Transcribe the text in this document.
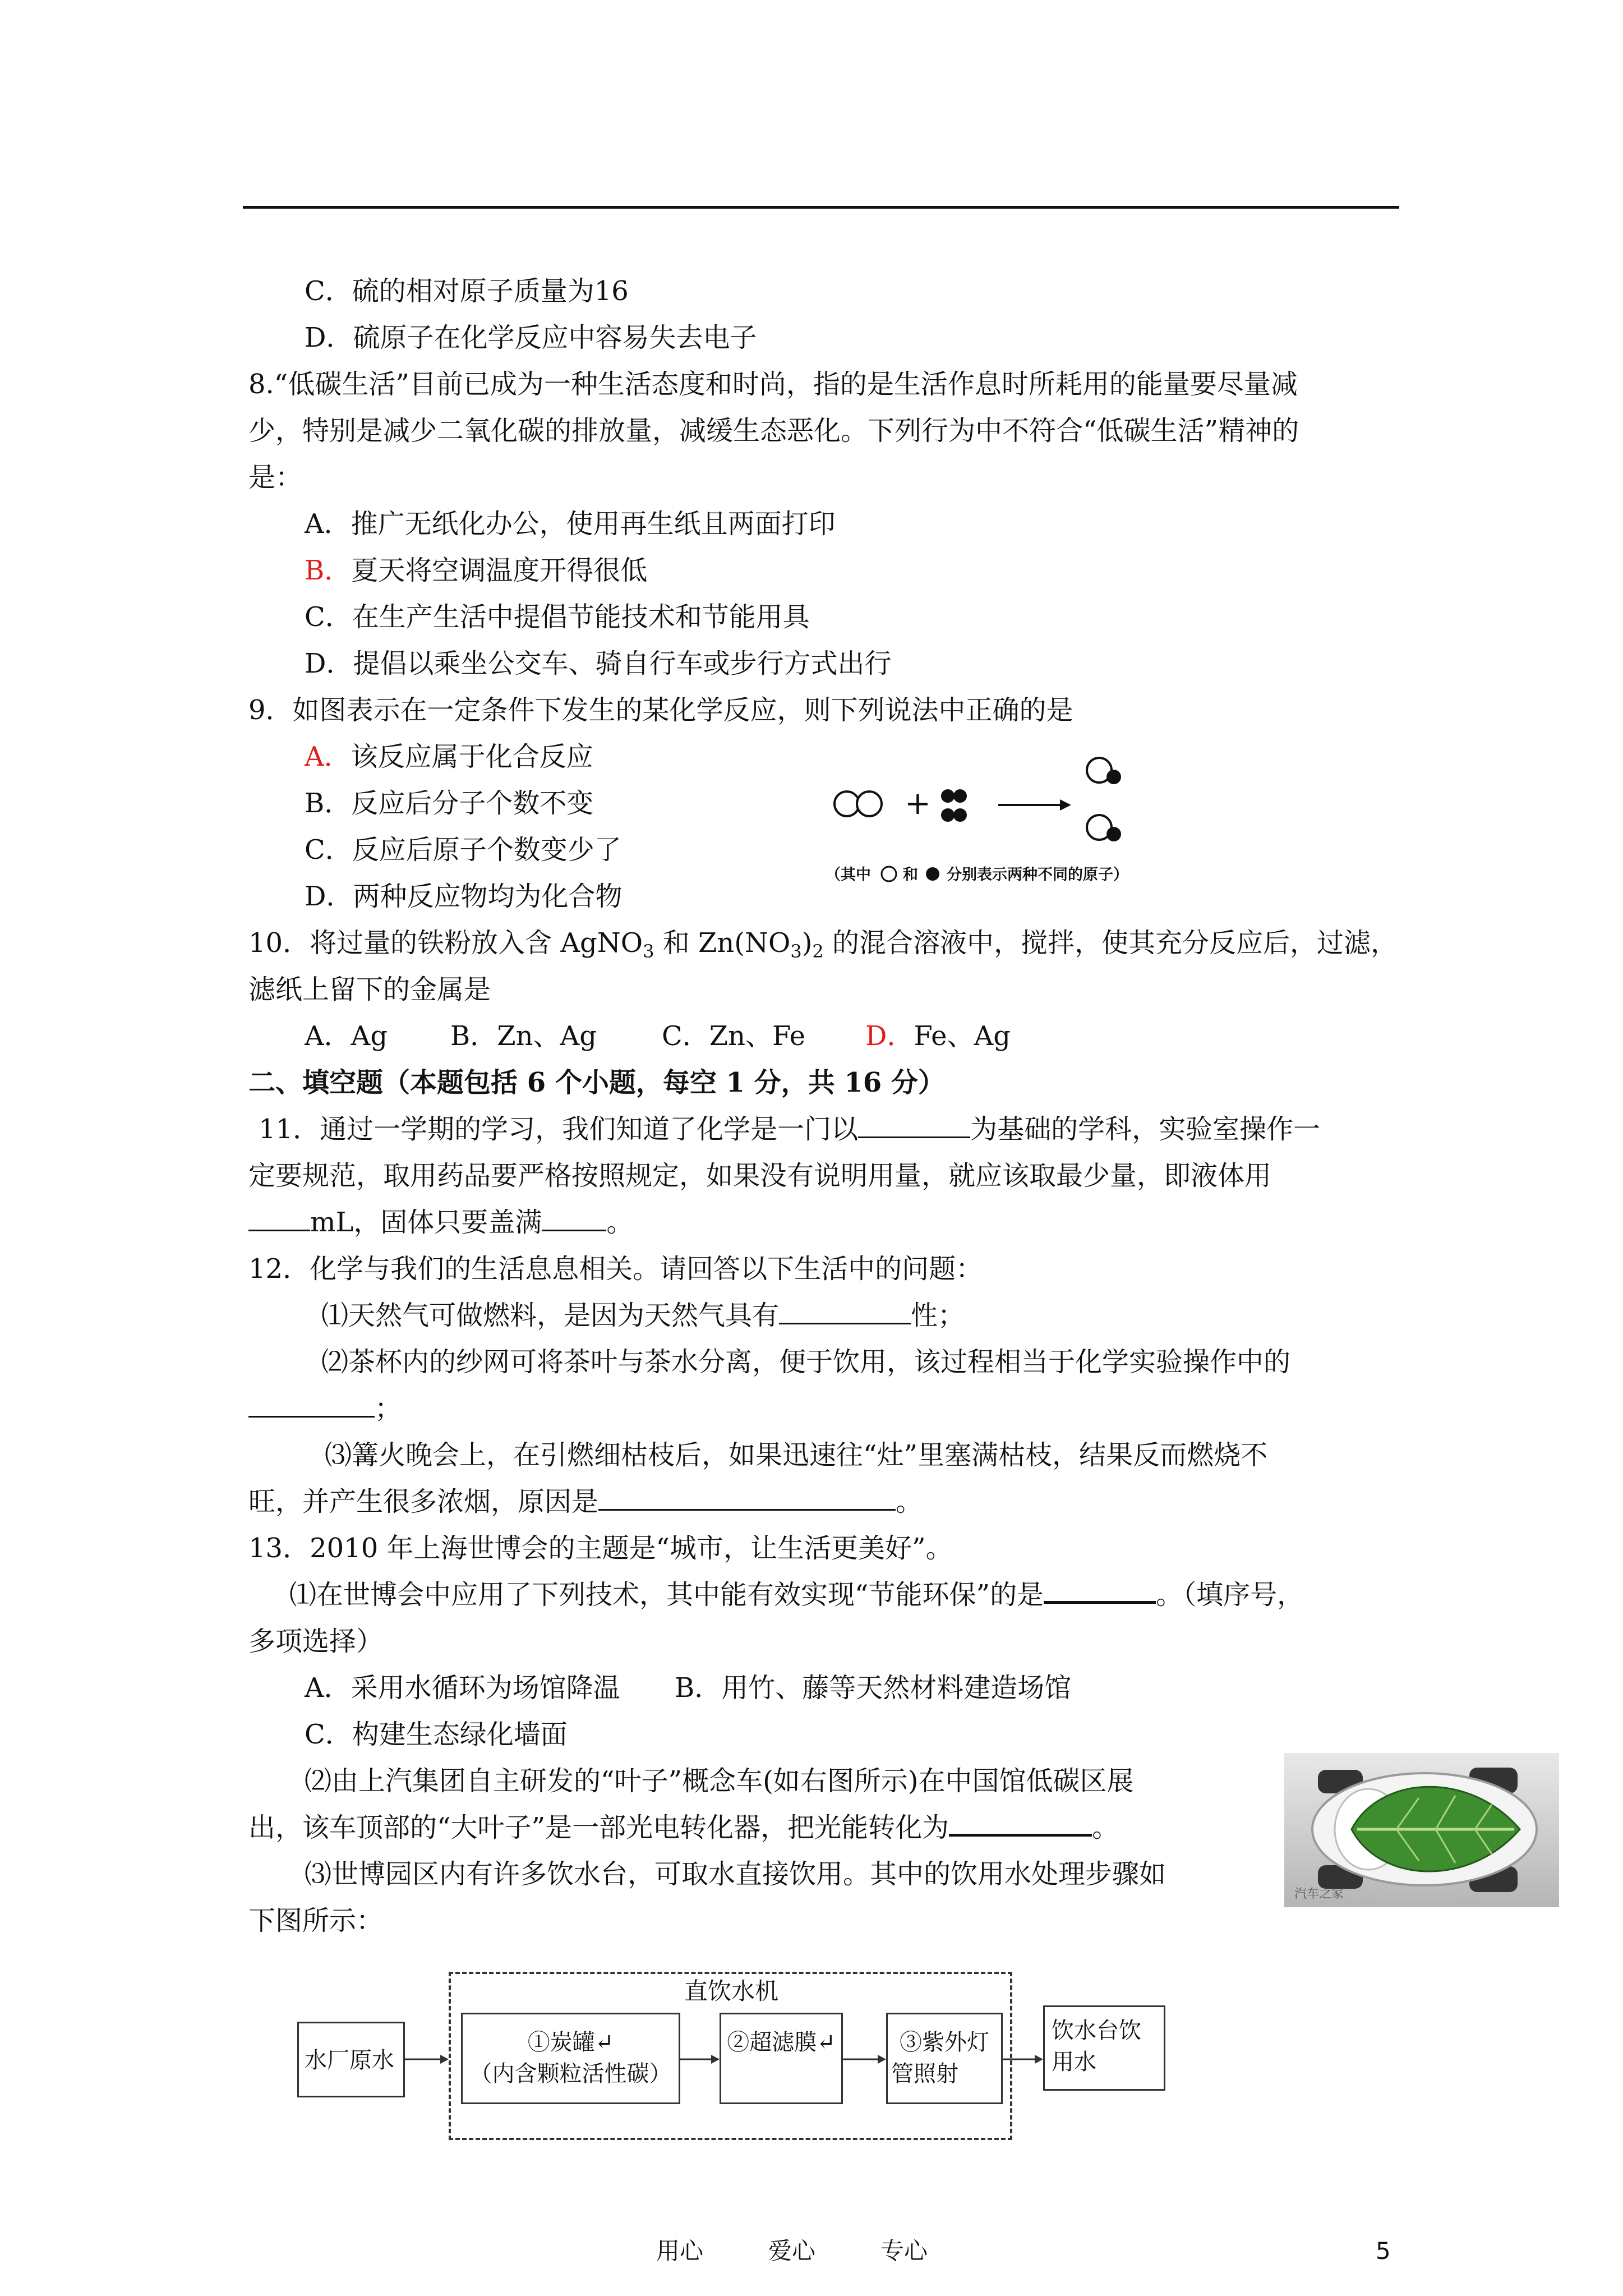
C．硫的相对原子质量为16
D．硫原子在化学反应中容易失去电子
8.“低碳生活”目前已成为一种生活态度和时尚，指的是生活作息时所耗用的能量要尽量减
少，特别是减少二氧化碳的排放量，减缓生态恶化。下列行为中不符合“低碳生活”精神的
是：
A．推广无纸化办公，使用再生纸且两面打印
B．夏天将空调温度开得很低
C．在生产生活中提倡节能技术和节能用具
D．提倡以乘坐公交车、骑自行车或步行方式出行
9．如图表示在一定条件下发生的某化学反应，则下列说法中正确的是
A．该反应属于化合反应
B．反应后分子个数不变
C．反应后原子个数变少了
D．两种反应物均为化合物
+
（其中 和 分别表示两种不同的原子）
10．将过量的铁粉放入含 AgNO$_3$ 和 $Zn(NO_3)_2$ 的混合溶液中，搅拌，使其充分反应后，过滤，
滤纸上留下的金属是
A．Ag B．Zn、Ag C．Zn、Fe D．Fe、Ag
二、填空题（本题包括 6 个小题，每空 1 分，共 16 分）
11．通过一学期的学习，我们知道了化学是一门以	为基础的学科，实验室操作一
定要规范，取用药品要严格按照规定，如果没有说明用量，就应该取最少量，即液体用
mL，固体只要盖满 。
12．化学与我们的生活息息相关。请回答以下生活中的问题：
⑴天然气可做燃料，是因为天然气具有	性；
⑵茶杯内的纱网可将茶叶与茶水分离，便于饮用，该过程相当于化学实验操作中的
；
⑶篝火晚会上，在引燃细枯枝后，如果迅速往“灶”里塞满枯枝，结果反而燃烧不
旺，并产生很多浓烟，原因是	。
13．2010 年上海世博会的主题是“城市，让生活更美好”。
⑴在世博会中应用了下列技术，其中能有效实现“节能环保”的是	。（填序号，
多项选择）
A．采用水循环为场馆降温 B．用竹、藤等天然材料建造场馆
C．构建生态绿化墙面
⑵由上汽集团自主研发的“叶子”概念车(如右图所示)在中国馆低碳区展
出，该车顶部的“大叶子”是一部光电转化器，把光能转化为	。
⑶世博园区内有许多饮水台，可取水直接饮用。其中的饮用水处理步骤如
下图所示：
汽车之家
直饮水机
水厂原水
①炭罐↵
（内含颗粒活性碳）
②超滤膜↵	③紫外灯
管照射
饮水台饮
用水
用心	爱心	专心	5
